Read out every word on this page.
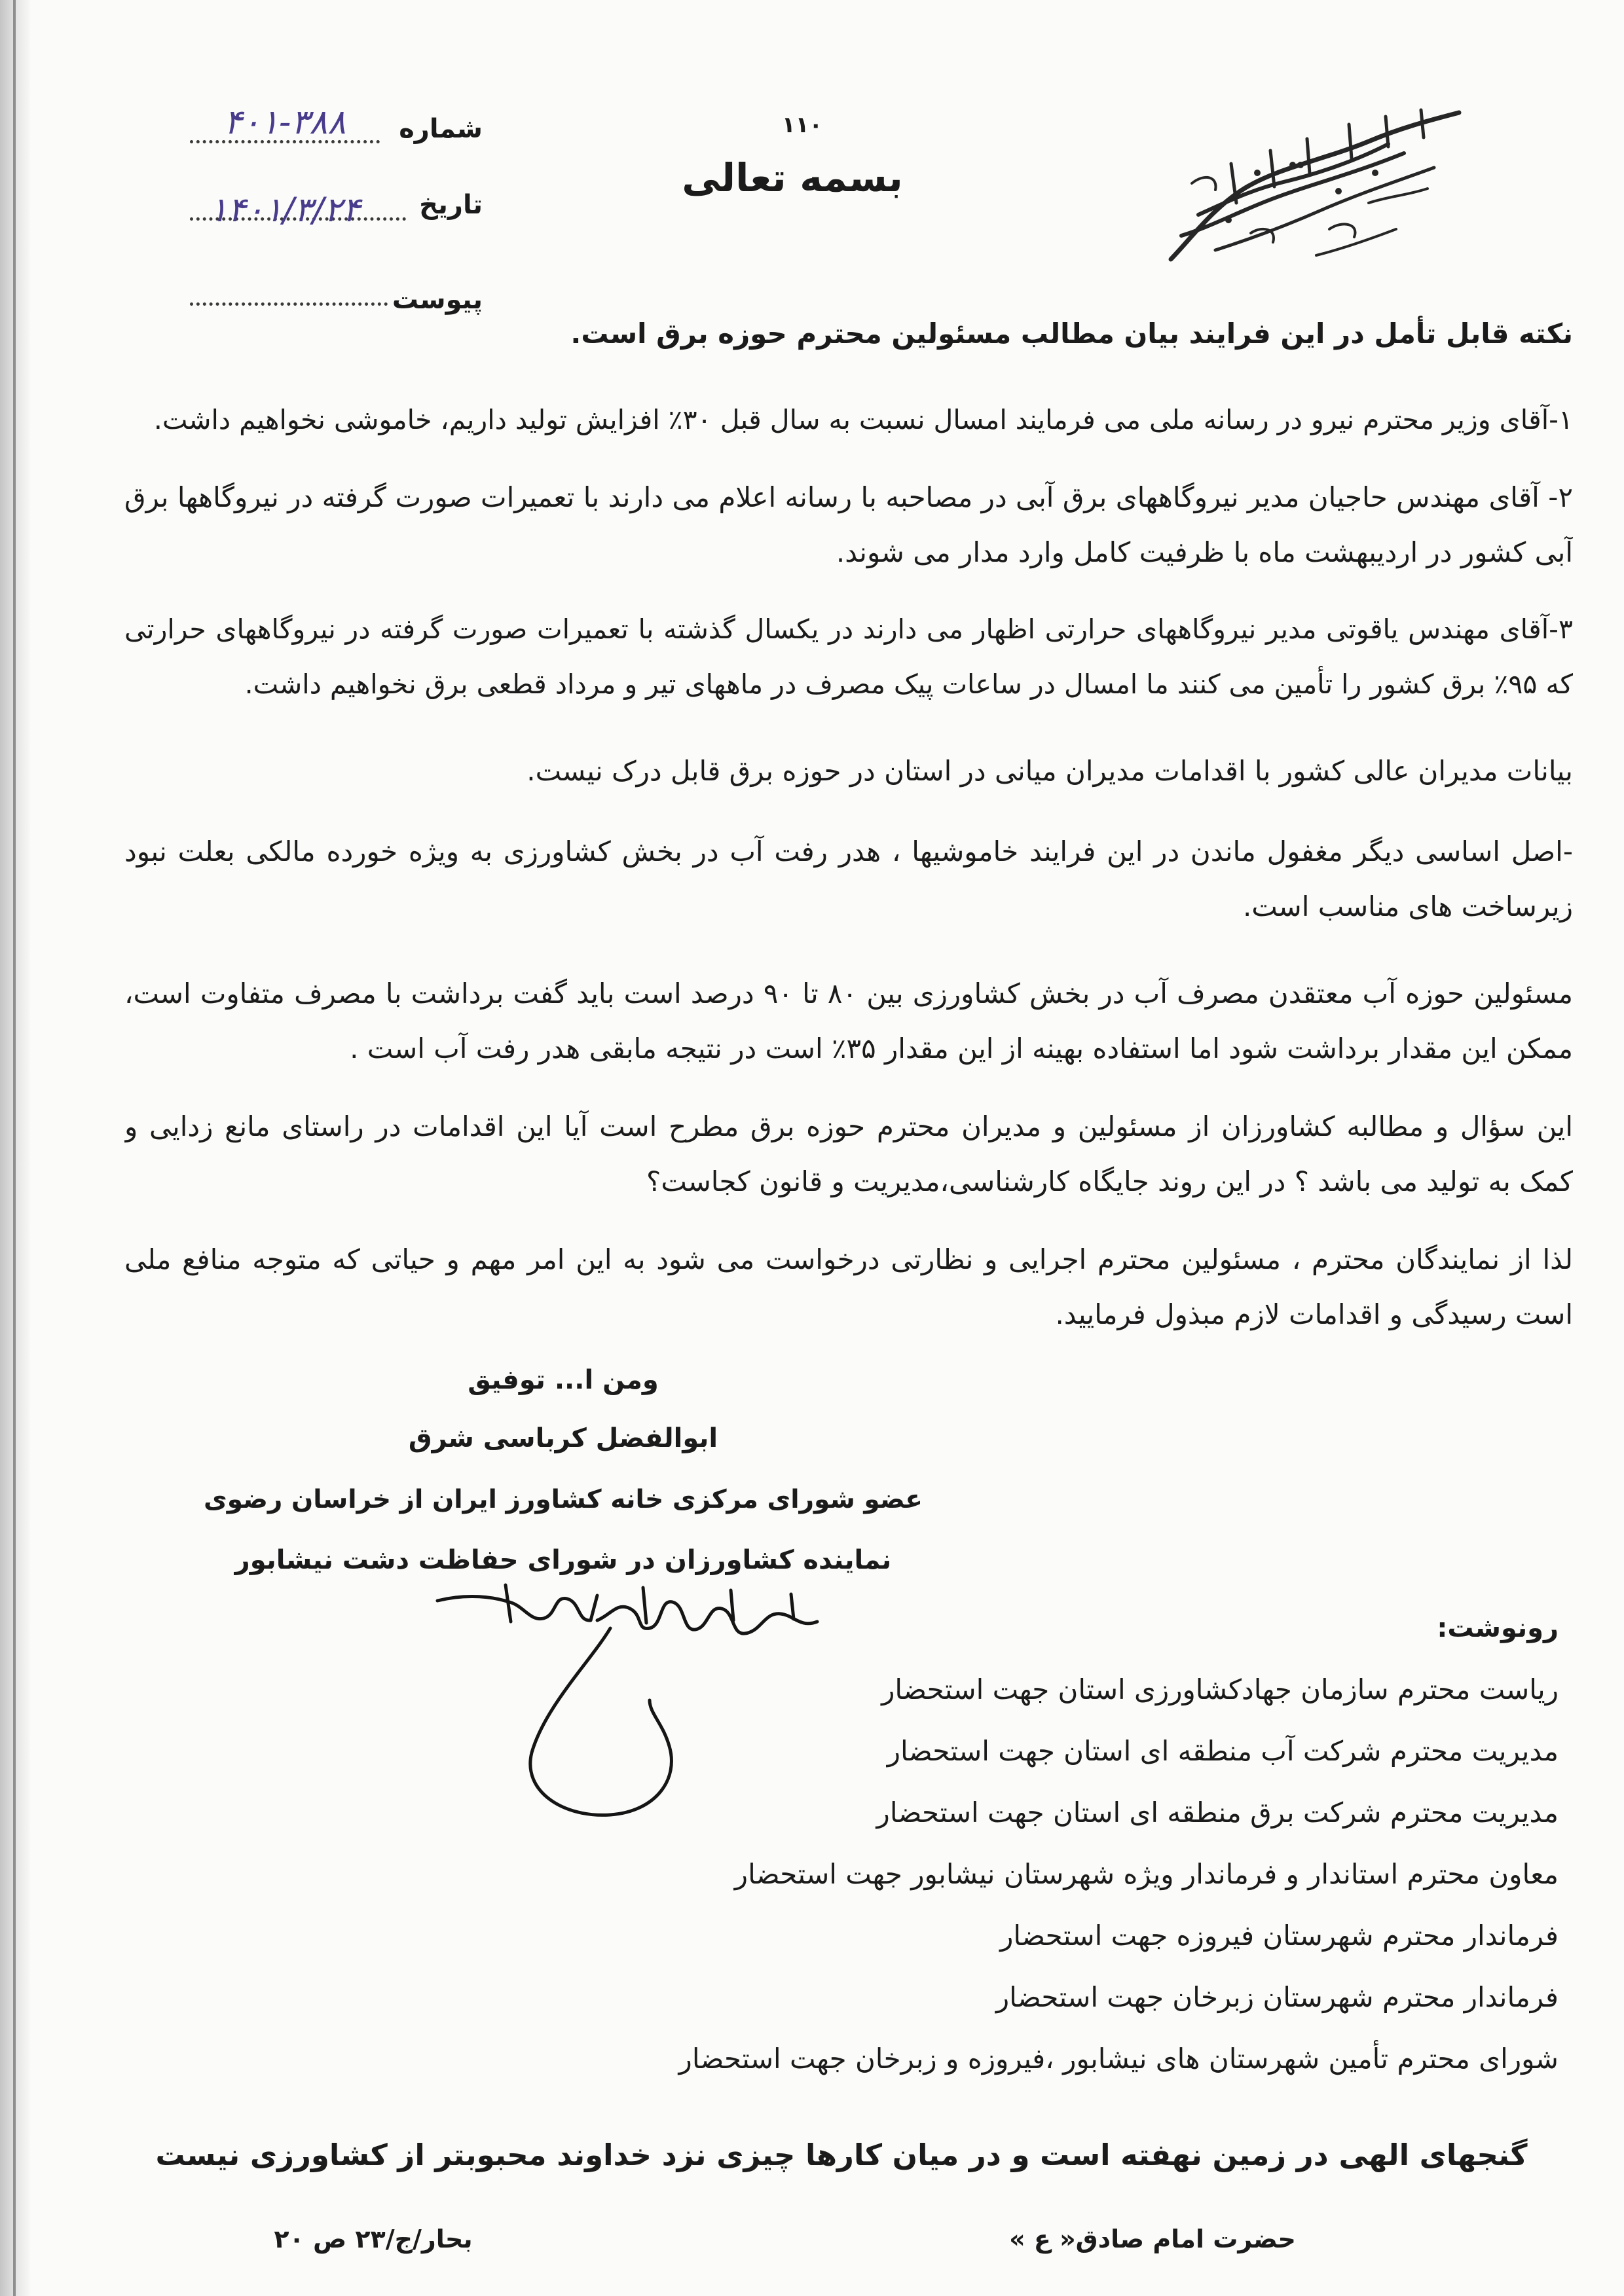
۱۱۰
بسمه تعالی
شماره
۴۰۱-۳۸۸
تاریخ
۱۴۰۱/۳/۲۴
پیوست
نکته قابل تأمل در این فرایند بیان مطالب مسئولین محترم حوزه برق است.
۱-آقای وزیر محترم نیرو در رسانه ملی می فرمایند امسال نسبت به سال قبل ۳۰٪ افزایش تولید داریم، خاموشی نخواهیم داشت.
۲- آقای مهندس حاجیان مدیر نیروگاههای برق آبی در مصاحبه با رسانه اعلام می دارند با تعمیرات صورت گرفته در نیروگاهها برق آبی کشور در اردیبهشت ماه با ظرفیت کامل وارد مدار می شوند.
۳-آقای مهندس یاقوتی مدیر نیروگاههای حرارتی اظهار می دارند در یکسال گذشته با تعمیرات صورت گرفته در نیروگاههای حرارتی که ۹۵٪ برق کشور را تأمین می کنند ما امسال در ساعات پیک مصرف در ماههای تیر و مرداد قطعی برق نخواهیم داشت.
بیانات مدیران عالی کشور با اقدامات مدیران میانی در استان در حوزه برق قابل درک نیست.
-اصل اساسی دیگر مغفول ماندن در این فرایند خاموشیها ، هدر رفت آب در بخش کشاورزی به ویژه خورده مالکی بعلت نبود زیرساخت های مناسب است.
مسئولین حوزه آب معتقدن مصرف آب در بخش کشاورزی بین ۸۰ تا ۹۰ درصد است باید گفت برداشت با مصرف متفاوت است، ممکن این مقدار برداشت شود اما استفاده بهینه از این مقدار ۳۵٪ است در نتیجه مابقی هدر رفت آب است .
این سؤال و مطالبه کشاورزان از مسئولین و مدیران محترم حوزه برق مطرح است آیا این اقدامات در راستای مانع زدایی و کمک به تولید می باشد ؟ در این روند جایگاه کارشناسی،مدیریت و قانون کجاست؟
لذا از نمایندگان محترم ، مسئولین محترم اجرایی و نظارتی درخواست می شود به این امر مهم و حیاتی که متوجه منافع ملی است رسیدگی و اقدامات لازم مبذول فرمایید.
ومن ا... توفیق
ابوالفضل کرباسی شرق
عضو شورای مرکزی خانه کشاورز ایران از خراسان رضوی
نماینده کشاورزان در شورای حفاظت دشت نیشابور
رونوشت:
ریاست محترم سازمان جهادکشاورزی استان جهت استحضار
مدیریت محترم شرکت آب منطقه ای استان جهت استحضار
مدیریت محترم شرکت برق منطقه ای استان جهت استحضار
معاون محترم استاندار و فرماندار ویژه شهرستان نیشابور جهت استحضار
فرماندار محترم شهرستان فیروزه جهت استحضار
فرماندار محترم شهرستان زبرخان جهت استحضار
شورای محترم تأمین شهرستان های نیشابور ،فیروزه و زبرخان جهت استحضار
گنجهای الهی در زمین نهفته است و در میان کارها چیزی نزد خداوند محبوبتر از کشاورزی نیست
حضرت امام صادق« ع »
بحار/ج/۲۳ ص ۲۰
